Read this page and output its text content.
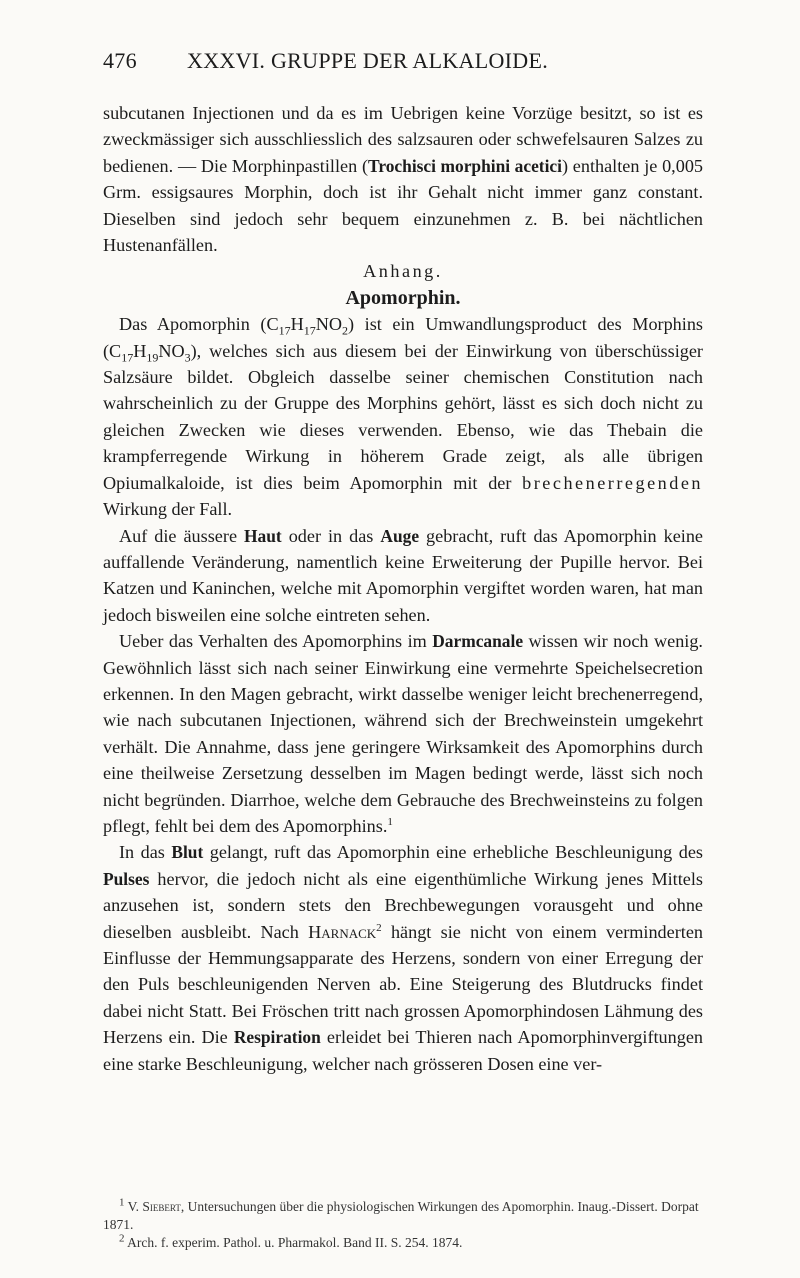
476 XXXVI. GRUPPE DER ALKALOIDE.

subcutanen Injectionen und da es im Uebrigen keine Vorzüge besitzt, so ist es zweckmässiger sich ausschliesslich des salzsauren oder schwefelsauren Salzes zu bedienen. — Die Morphinpastillen (Trochisci morphini acetici) enthalten je 0,005 Grm. essigsaures Morphin, doch ist ihr Gehalt nicht immer ganz constant. Dieselben sind jedoch sehr bequem einzunehmen z. B. bei nächtlichen Hustenanfällen.

Anhang.

Apomorphin.

Das Apomorphin $(C_{17}H_{17}NO_2)$ ist ein Umwandlungsproduct des Morphins $(C_{17}H_{19}NO_3)$, welches sich aus diesem bei der Einwirkung von überschüssiger Salzsäure bildet. Obgleich dasselbe seiner chemischen Constitution nach wahrscheinlich zu der Gruppe des Morphins gehört, lässt es sich doch nicht zu gleichen Zwecken wie dieses verwenden. Ebenso, wie das Thebain die krampferregende Wirkung in höherem Grade zeigt, als alle übrigen Opiumalkaloide, ist dies beim Apomorphin mit der brechenerregenden Wirkung der Fall.

Auf die äussere Haut oder in das Auge gebracht, ruft das Apomorphin keine auffallende Veränderung, namentlich keine Erweiterung der Pupille hervor. Bei Katzen und Kaninchen, welche mit Apomorphin vergiftet worden waren, hat man jedoch bisweilen eine solche eintreten sehen.

Ueber das Verhalten des Apomorphins im Darmcanale wissen wir noch wenig. Gewöhnlich lässt sich nach seiner Einwirkung eine vermehrte Speichelsecretion erkennen. In den Magen gebracht, wirkt dasselbe weniger leicht brechenerregend, wie nach subcutanen Injectionen, während sich der Brechweinstein umgekehrt verhält. Die Annahme, dass jene geringere Wirksamkeit des Apomorphins durch eine theilweise Zersetzung desselben im Magen bedingt werde, lässt sich noch nicht begründen. Diarrhoe, welche dem Gebrauche des Brechweinsteins zu folgen pflegt, fehlt bei dem des Apomorphins.$^1$

In das Blut gelangt, ruft das Apomorphin eine erhebliche Beschleunigung des Pulses hervor, die jedoch nicht als eine eigenthümliche Wirkung jenes Mittels anzusehen ist, sondern stets den Brechbewegungen vorausgeht und ohne dieselben ausbleibt. Nach Harnack$^2$ hängt sie nicht von einem verminderten Einflusse der Hemmungsapparate des Herzens, sondern von einer Erregung der den Puls beschleunigenden Nerven ab. Eine Steigerung des Blutdrucks findet dabei nicht Statt. Bei Fröschen tritt nach grossen Apomorphindosen Lähmung des Herzens ein. Die Respiration erleidet bei Thieren nach Apomorphinvergiftungen eine starke Beschleunigung, welcher nach grösseren Dosen eine ver-

$^1$ V. Siebert, Untersuchungen über die physiologischen Wirkungen des Apomorphin. Inaug.-Dissert. Dorpat 1871.

$^2$ Arch. f. experim. Pathol. u. Pharmakol. Band II. S. 254. 1874.
